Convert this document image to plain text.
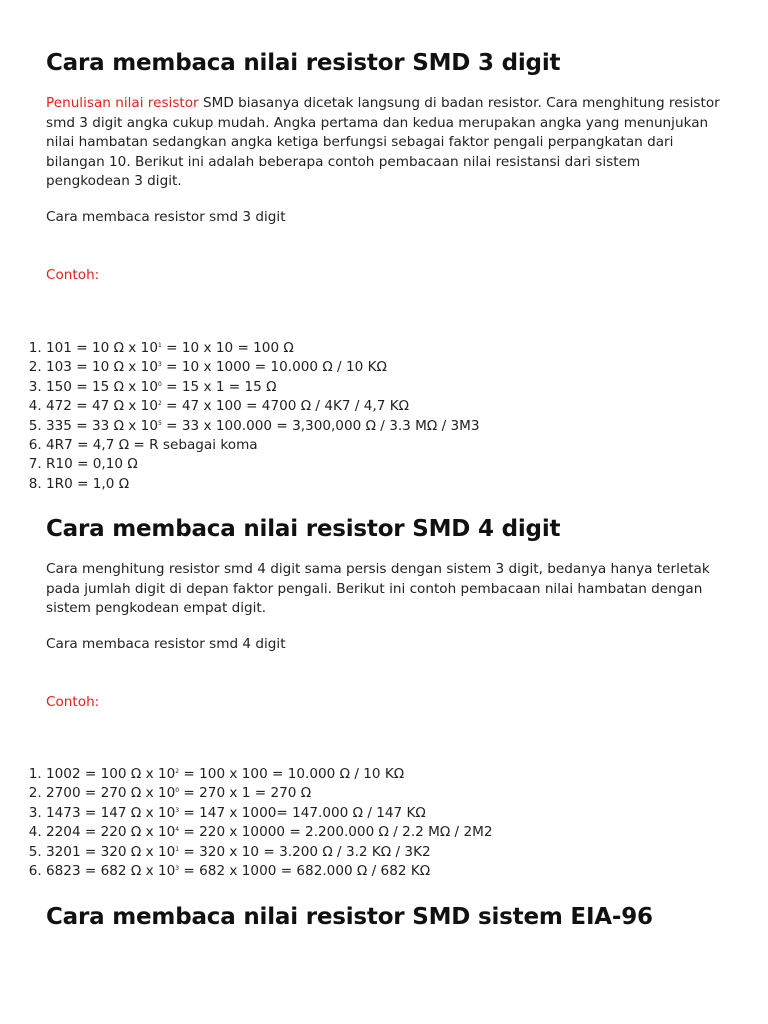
Cara membaca nilai resistor SMD 3 digit

Penulisan nilai resistor SMD biasanya dicetak langsung di badan resistor. Cara menghitung resistor smd 3 digit angka cukup mudah. Angka pertama dan kedua merupakan angka yang menunjukan nilai hambatan sedangkan angka ketiga berfungsi sebagai faktor pengali perpangkatan dari bilangan 10. Berikut ini adalah beberapa contoh pembacaan nilai resistansi dari sistem pengkodean 3 digit.

Cara membaca resistor smd 3 digit

Contoh:

1. 101 = 10 Ω x $10^1 = 10$ x 10 = 100 Ω
2. 103 = 10 Ω x $10^3 = 10$ x 1000 = 10.000 Ω / 10 KΩ
3. 150 = 15 Ω x $10^0 = 15$ x 1 = 15 Ω
4. 472 = 47 Ω x $10^2 = 47$ x 100 = 4700 Ω / 4K7 / 4,7 KΩ
5. 335 = 33 Ω x $10^5 = 33$ x 100.000 = 3,300,000 Ω / 3.3 MΩ / 3M3
6. 4R7 = 4,7 Ω = R sebagai koma
7. R10 = 0,10 Ω
8. 1R0 = 1,0 Ω
Cara membaca nilai resistor SMD 4 digit

Cara menghitung resistor smd 4 digit sama persis dengan sistem 3 digit, bedanya hanya terletak pada jumlah digit di depan faktor pengali. Berikut ini contoh pembacaan nilai hambatan dengan sistem pengkodean empat digit.

Cara membaca resistor smd 4 digit

Contoh:

1. 1002 = 100 Ω x $10^2 = 100$ x 100 = 10.000 Ω / 10 KΩ
2. 2700 = 270 Ω x $10^0 = 270$ x 1 = 270 Ω
3. 1473 = 147 Ω x $10^3 = 147$ x 1000= 147.000 Ω / 147 KΩ
4. 2204 = 220 Ω x $10^4 = 220$ x 10000 = 2.200.000 Ω / 2.2 MΩ / 2M2
5. 3201 = 320 Ω x $10^1 = 320$ x 10 = 3.200 Ω / 3.2 KΩ / 3K2
6. 6823 = 682 Ω x $10^3 = 682$ x 1000 = 682.000 Ω / 682 KΩ
Cara membaca nilai resistor SMD sistem EIA-96
